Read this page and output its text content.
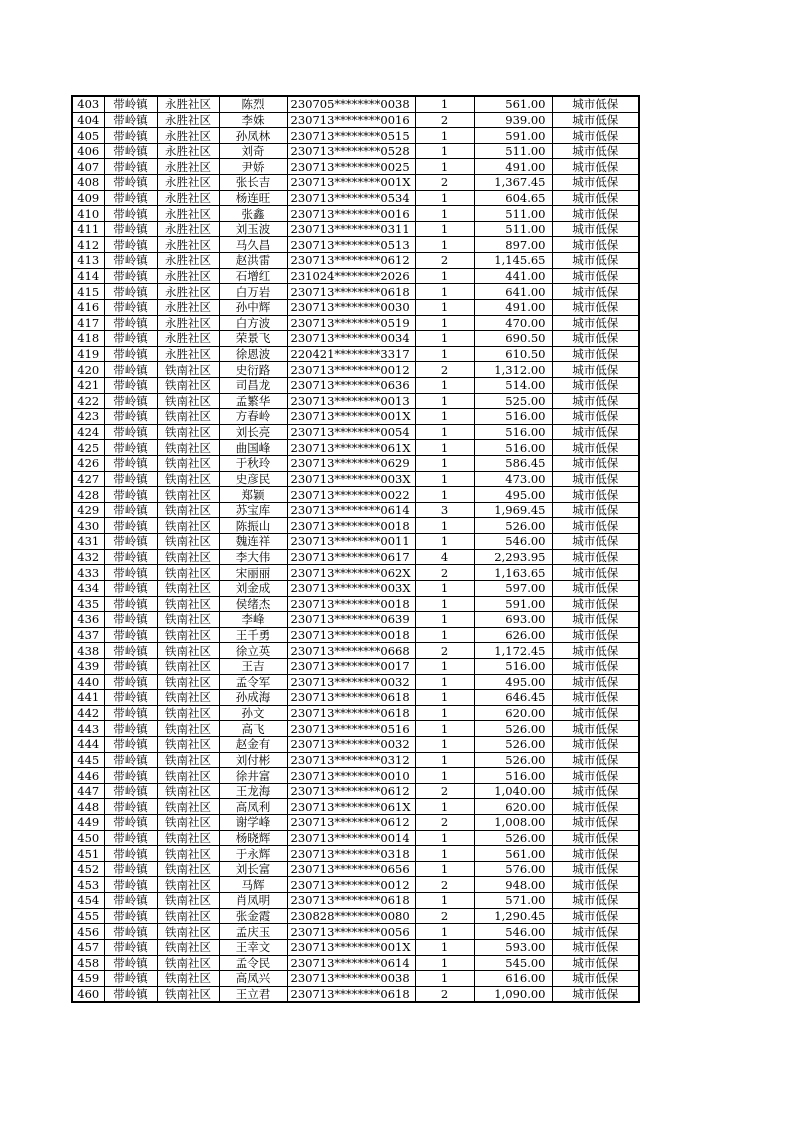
403	带岭镇	永胜社区	陈烈	230705********0038	1	561.00	城市低保
404	带岭镇	永胜社区	李姝	230713********0016	2	939.00	城市低保
405	带岭镇	永胜社区	孙凤林	230713********0515	1	591.00	城市低保
406	带岭镇	永胜社区	刘奇	230713********0528	1	511.00	城市低保
407	带岭镇	永胜社区	尹娇	230713********0025	1	491.00	城市低保
408	带岭镇	永胜社区	张长吉	230713********001X	2	1,367.45	城市低保
409	带岭镇	永胜社区	杨连旺	230713********0534	1	604.65	城市低保
410	带岭镇	永胜社区	张鑫	230713********0016	1	511.00	城市低保
411	带岭镇	永胜社区	刘玉波	230713********0311	1	511.00	城市低保
412	带岭镇	永胜社区	马久昌	230713********0513	1	897.00	城市低保
413	带岭镇	永胜社区	赵洪雷	230713********0612	2	1,145.65	城市低保
414	带岭镇	永胜社区	石增红	231024********2026	1	441.00	城市低保
415	带岭镇	永胜社区	白万岩	230713********0618	1	641.00	城市低保
416	带岭镇	永胜社区	孙中辉	230713********0030	1	491.00	城市低保
417	带岭镇	永胜社区	白方波	230713********0519	1	470.00	城市低保
418	带岭镇	永胜社区	荣景飞	230713********0034	1	690.50	城市低保
419	带岭镇	永胜社区	徐恩波	220421********3317	1	610.50	城市低保
420	带岭镇	铁南社区	史衍路	230713********0012	2	1,312.00	城市低保
421	带岭镇	铁南社区	司昌龙	230713********0636	1	514.00	城市低保
422	带岭镇	铁南社区	孟繁华	230713********0013	1	525.00	城市低保
423	带岭镇	铁南社区	方春岭	230713********001X	1	516.00	城市低保
424	带岭镇	铁南社区	刘长亮	230713********0054	1	516.00	城市低保
425	带岭镇	铁南社区	曲国峰	230713********061X	1	516.00	城市低保
426	带岭镇	铁南社区	于秋玲	230713********0629	1	586.45	城市低保
427	带岭镇	铁南社区	史彦民	230713********003X	1	473.00	城市低保
428	带岭镇	铁南社区	郑颖	230713********0022	1	495.00	城市低保
429	带岭镇	铁南社区	苏宝库	230713********0614	3	1,969.45	城市低保
430	带岭镇	铁南社区	陈振山	230713********0018	1	526.00	城市低保
431	带岭镇	铁南社区	魏连祥	230713********0011	1	546.00	城市低保
432	带岭镇	铁南社区	李大伟	230713********0617	4	2,293.95	城市低保
433	带岭镇	铁南社区	宋丽丽	230713********062X	2	1,163.65	城市低保
434	带岭镇	铁南社区	刘金成	230713********003X	1	597.00	城市低保
435	带岭镇	铁南社区	侯绪杰	230713********0018	1	591.00	城市低保
436	带岭镇	铁南社区	李峰	230713********0639	1	693.00	城市低保
437	带岭镇	铁南社区	王千勇	230713********0018	1	626.00	城市低保
438	带岭镇	铁南社区	徐立英	230713********0668	2	1,172.45	城市低保
439	带岭镇	铁南社区	王吉	230713********0017	1	516.00	城市低保
440	带岭镇	铁南社区	孟令军	230713********0032	1	495.00	城市低保
441	带岭镇	铁南社区	孙成海	230713********0618	1	646.45	城市低保
442	带岭镇	铁南社区	孙文	230713********0618	1	620.00	城市低保
443	带岭镇	铁南社区	高飞	230713********0516	1	526.00	城市低保
444	带岭镇	铁南社区	赵金有	230713********0032	1	526.00	城市低保
445	带岭镇	铁南社区	刘付彬	230713********0312	1	526.00	城市低保
446	带岭镇	铁南社区	徐井富	230713********0010	1	516.00	城市低保
447	带岭镇	铁南社区	王龙海	230713********0612	2	1,040.00	城市低保
448	带岭镇	铁南社区	高凤利	230713********061X	1	620.00	城市低保
449	带岭镇	铁南社区	谢学峰	230713********0612	2	1,008.00	城市低保
450	带岭镇	铁南社区	杨晓辉	230713********0014	1	526.00	城市低保
451	带岭镇	铁南社区	于永辉	230713********0318	1	561.00	城市低保
452	带岭镇	铁南社区	刘长富	230713********0656	1	576.00	城市低保
453	带岭镇	铁南社区	马辉	230713********0012	2	948.00	城市低保
454	带岭镇	铁南社区	肖凤明	230713********0618	1	571.00	城市低保
455	带岭镇	铁南社区	张金霞	230828********0080	2	1,290.45	城市低保
456	带岭镇	铁南社区	孟庆玉	230713********0056	1	546.00	城市低保
457	带岭镇	铁南社区	王幸文	230713********001X	1	593.00	城市低保
458	带岭镇	铁南社区	孟令民	230713********0614	1	545.00	城市低保
459	带岭镇	铁南社区	高凤兴	230713********0038	1	616.00	城市低保
460	带岭镇	铁南社区	王立君	230713********0618	2	1,090.00	城市低保
